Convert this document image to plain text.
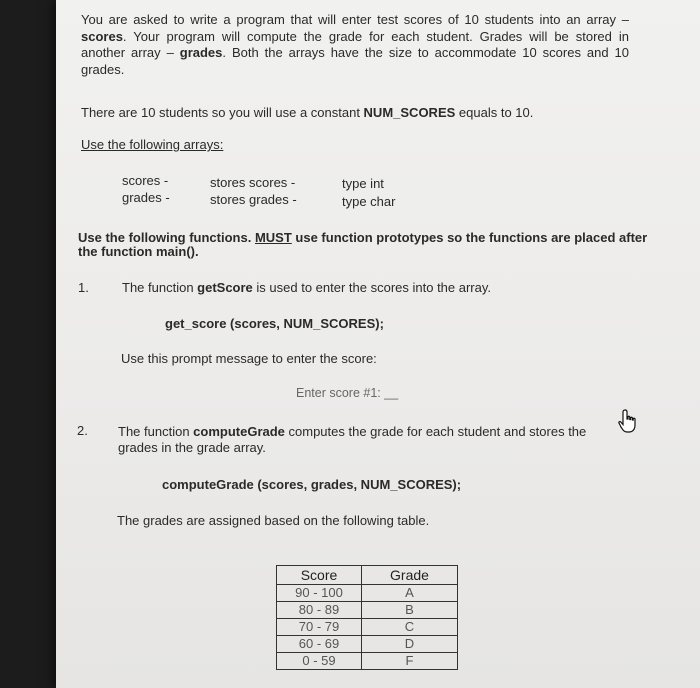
You are asked to write a program that will enter test scores of 10 students into an array –
scores. Your program will compute the grade for each student. Grades will be stored in
another array – grades. Both the arrays have the size to accommodate 10 scores and 10
grades.
There are 10 students so you will use a constant NUM_SCORES equals to 10.
Use the following arrays:
scores -	stores scores -	type int
grades -	stores grades -	type char
Use the following functions. MUST use function prototypes so the functions are placed after
the function main().
1.	The function getScore is used to enter the scores into the array.
get_score (scores, NUM_SCORES);
Use this prompt message to enter the score:
Enter score #1: __
2. The function computeGrade computes the grade for each student and stores the
grades in the grade array.
computeGrade (scores, grades, NUM_SCORES);
The grades are assigned based on the following table.
Score	Grade
90 - 100	A
80 - 89	B
70 - 79	C
60 - 69	D
0 - 59	F
